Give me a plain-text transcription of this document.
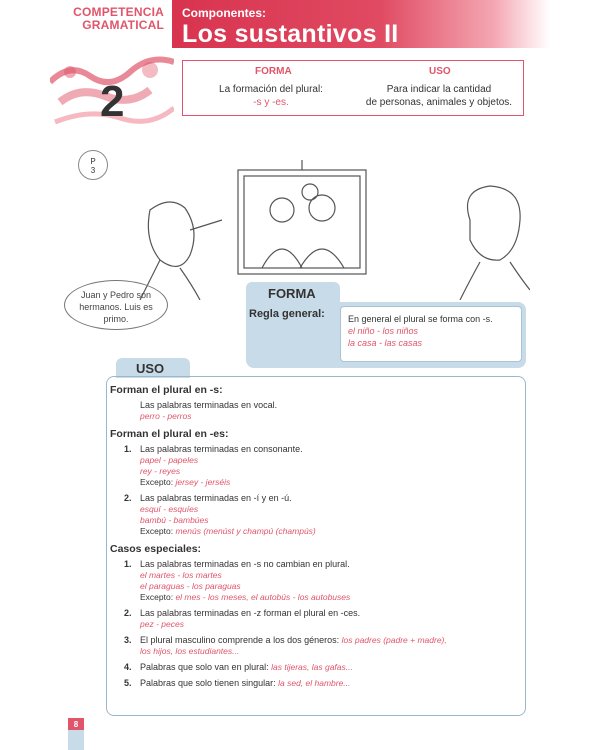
COMPETENCIA
GRAMATICAL
Componentes:
Los sustantivos II
2
FORMA	USO
La formación del plural:
-s y -es.
Para indicar la cantidad
de personas, animales y objetos.
P
3
Juan y Pedro son
hermanos. Luis es
primo.
FORMA
Regla general:	En general el plural se forma con -s.
el niño - los niños
la casa - las casas
USO
Forman el plural en -s:
Las palabras terminadas en vocal.
perro - perros
Forman el plural en -es:
1. Las palabras terminadas en consonante.
papel - papeles
rey - reyes
Excepto: jersey - jerséis
2. Las palabras terminadas en -í y en -ú.
esquí - esquíes
bambú - bambúes
Excepto: menús (menúst y champú (champús)
Casos especiales:
1. Las palabras terminadas en -s no cambian en plural.
el martes - los martes
el paraguas - los paraguas
Excepto: el mes - los meses, el autobús - los autobuses
2. Las palabras terminadas en -z forman el plural en -ces.
pez - peces
3. El plural masculino comprende a los dos géneros: los padres (padre + madre),
los hijos, los estudiantes...
4. Palabras que solo van en plural: las tijeras, las gafas...
5. Palabras que solo tienen singular: la sed, el hambre...
8
